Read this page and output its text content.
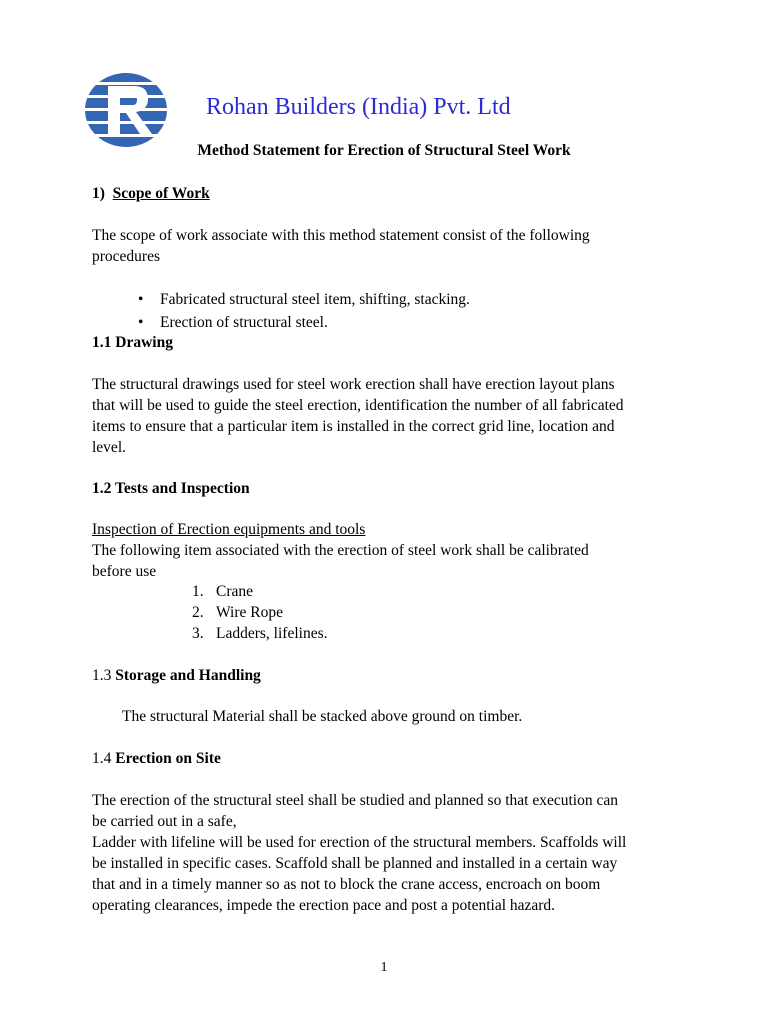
Rohan Builders (India) Pvt. Ltd
Method Statement for Erection of Structural Steel Work
1) Scope of Work
The scope of work associate with this method statement consist of the following
procedures
• Fabricated structural steel item, shifting, stacking.
• Erection of structural steel.
1.1 Drawing
The structural drawings used for steel work erection shall have erection layout plans
that will be used to guide the steel erection, identification the number of all fabricated
items to ensure that a particular item is installed in the correct grid line, location and
level.
1.2 Tests and Inspection
Inspection of Erection equipments and tools
The following item associated with the erection of steel work shall be calibrated
before use
1. Crane
2. Wire Rope
3. Ladders, lifelines.
1.3 Storage and Handling
The structural Material shall be stacked above ground on timber.
1.4 Erection on Site
The erection of the structural steel shall be studied and planned so that execution can
be carried out in a safe,
Ladder with lifeline will be used for erection of the structural members. Scaffolds will
be installed in specific cases. Scaffold shall be planned and installed in a certain way
that and in a timely manner so as not to block the crane access, encroach on boom
operating clearances, impede the erection pace and post a potential hazard.
1
